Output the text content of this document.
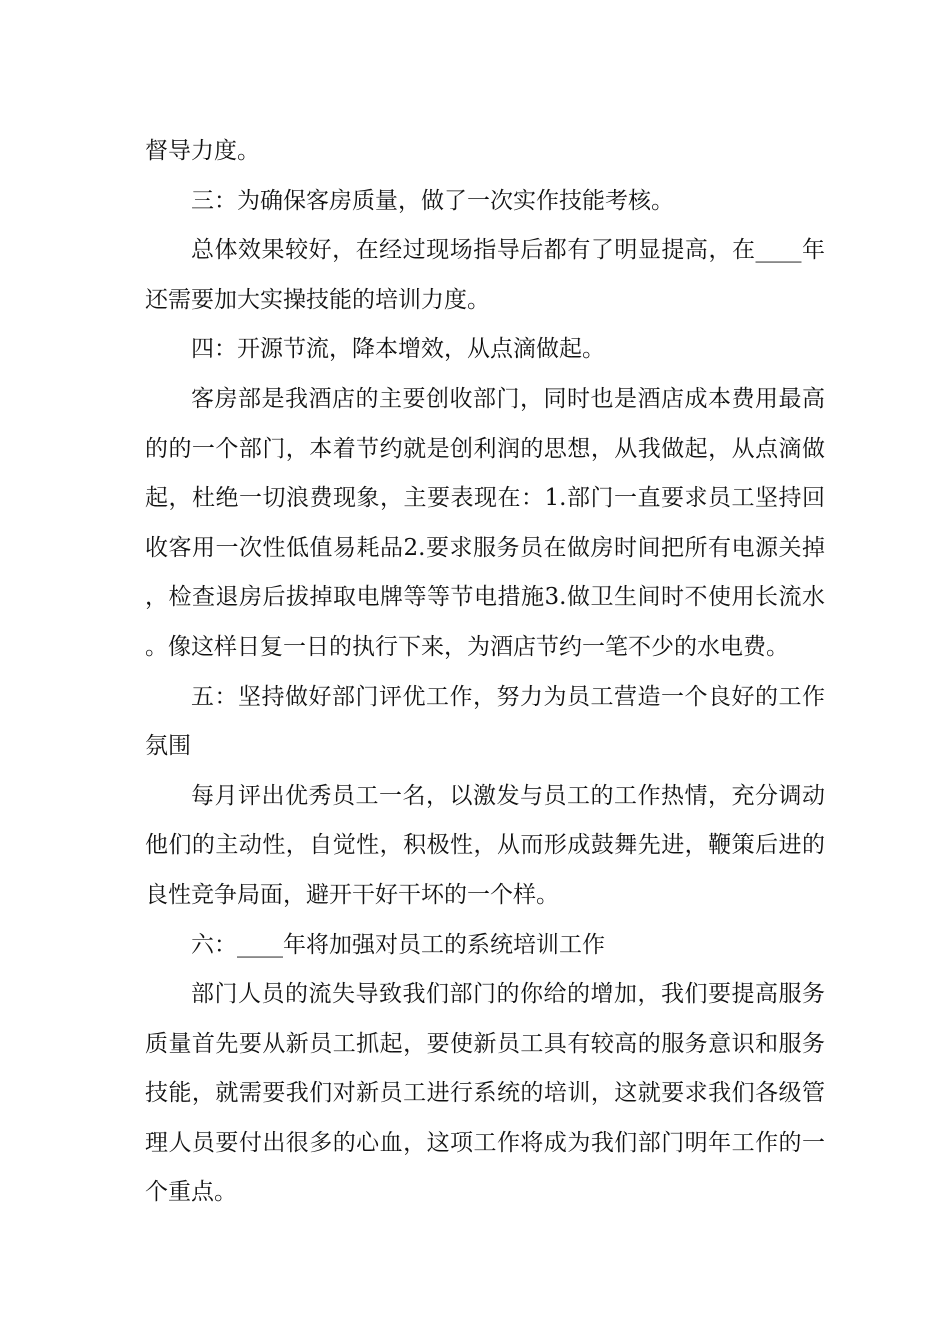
督导力度。

三：为确保客房质量，做了一次实作技能考核。

总体效果较好，在经过现场指导后都有了明显提高，在____年还需要加大实操技能的培训力度。

四：开源节流，降本增效，从点滴做起。

客房部是我酒店的主要创收部门，同时也是酒店成本费用最高的的一个部门，本着节约就是创利润的思想，从我做起，从点滴做起，杜绝一切浪费现象，主要表现在：1.部门一直要求员工坚持回收客用一次性低值易耗品2.要求服务员在做房时间把所有电源关掉，检查退房后拔掉取电牌等等节电措施3.做卫生间时不使用长流水。像这样日复一日的执行下来，为酒店节约一笔不少的水电费。

五：坚持做好部门评优工作，努力为员工营造一个良好的工作氛围

每月评出优秀员工一名，以激发与员工的工作热情，充分调动他们的主动性，自觉性，积极性，从而形成鼓舞先进，鞭策后进的良性竞争局面，避开干好干坏的一个样。

六：____年将加强对员工的系统培训工作

部门人员的流失导致我们部门的你给的增加，我们要提高服务质量首先要从新员工抓起，要使新员工具有较高的服务意识和服务技能，就需要我们对新员工进行系统的培训，这就要求我们各级管理人员要付出很多的心血，这项工作将成为我们部门明年工作的一个重点。
